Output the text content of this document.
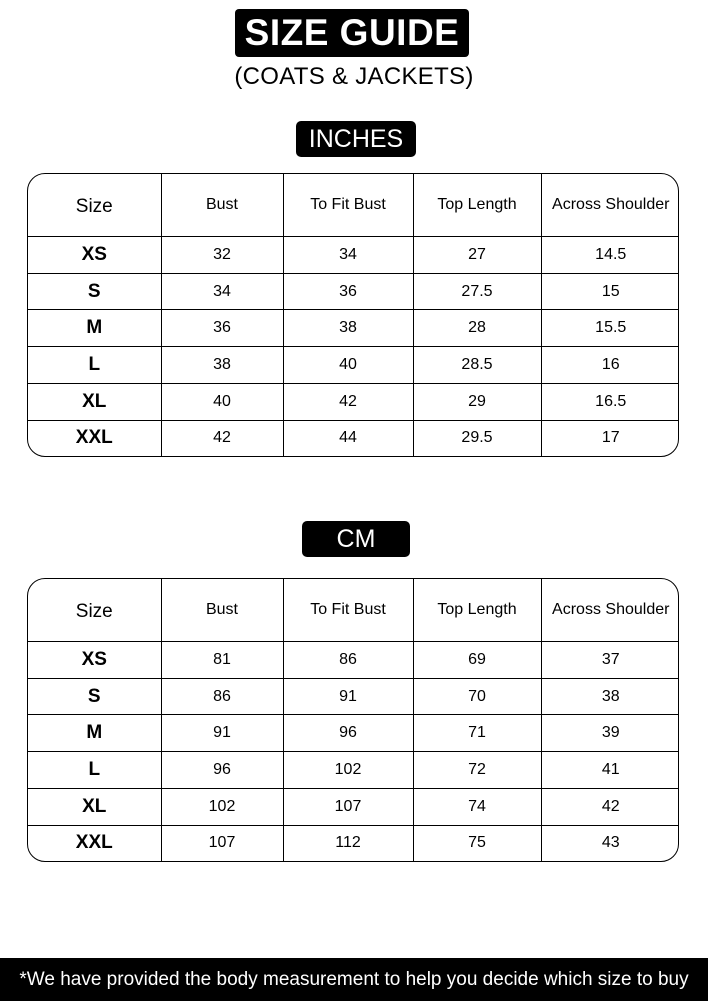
SIZE GUIDE
(COATS & JACKETS)
INCHES
Size	Bust	To Fit Bust	Top Length	Across Shoulder
XS	32	34	27	14.5
S	34	36	27.5	15
M	36	38	28	15.5
L	38	40	28.5	16
XL	40	42	29	16.5
XXL	42	44	29.5	17
CM
Size	Bust	To Fit Bust	Top Length	Across Shoulder
XS	81	86	69	37
S	86	91	70	38
M	91	96	71	39
L	96	102	72	41
XL	102	107	74	42
XXL	107	112	75	43
*We have provided the body measurement to help you decide which size to buy
